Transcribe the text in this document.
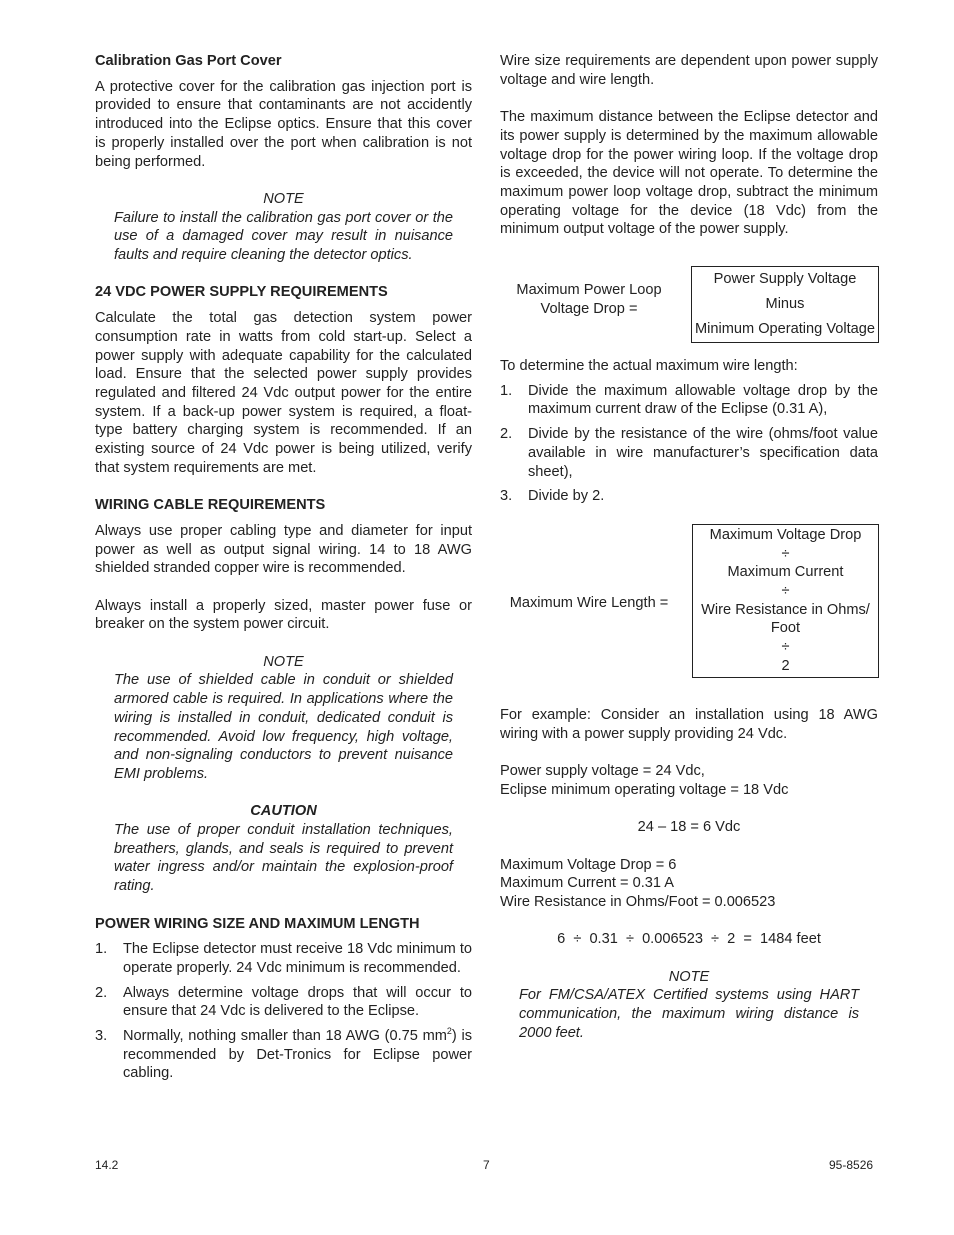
Calibration Gas Port Cover

A protective cover for the calibration gas injection port is provided to ensure that contaminants are not accidently introduced into the Eclipse optics. Ensure that this cover is properly installed over the port when calibration is not being performed.

NOTE
Failure to install the calibration gas port cover or the use of a damaged cover may result in nuisance faults and require cleaning the detector optics.
24 VDC POWER SUPPLY REQUIREMENTS

Calculate the total gas detection system power consumption rate in watts from cold start-up. Select a power supply with adequate capability for the calculated load. Ensure that the selected power supply provides regulated and filtered 24 Vdc output power for the entire system. If a back-up power system is required, a float-type battery charging system is recommended. If an existing source of 24 Vdc power is being utilized, verify that system requirements are met.

WIRING CABLE REQUIREMENTS

Always use proper cabling type and diameter for input power as well as output signal wiring. 14 to 18 AWG shielded stranded copper wire is recommended.

Always install a properly sized, master power fuse or breaker on the system power circuit.

NOTE
The use of shielded cable in conduit or shielded armored cable is required. In applications where the wiring is installed in conduit, dedicated conduit is recommended. Avoid low frequency, high voltage, and non-signaling conductors to prevent nuisance EMI problems.
CAUTION
The use of proper conduit installation techniques, breathers, glands, and seals is required to prevent water ingress and/or maintain the explosion-proof rating.
POWER WIRING SIZE AND MAXIMUM LENGTH
1. The Eclipse detector must receive 18 Vdc minimum to operate properly. 24 Vdc minimum is recommended.
2. Always determine voltage drops that will occur to ensure that 24 Vdc is delivered to the Eclipse.
3. Normally, nothing smaller than 18 AWG (0.75 $mm^2$) is recommended by Det-Tronics for Eclipse power cabling.

Wire size requirements are dependent upon power supply voltage and wire length.

The maximum distance between the Eclipse detector and its power supply is determined by the maximum allowable voltage drop for the power wiring loop. If the voltage drop is exceeded, the device will not operate. To determine the maximum power loop voltage drop, subtract the minimum operating voltage for the device (18 Vdc) from the minimum output voltage of the power supply.

Maximum Power Loop
Voltage Drop =
Power Supply Voltage
Minus
Minimum Operating Voltage

To determine the actual maximum wire length:

1. Divide the maximum allowable voltage drop by the maximum current draw of the Eclipse (0.31 A),
2. Divide by the resistance of the wire (ohms/foot value available in wire manufacturer’s specification data sheet),
3. Divide by 2.
Maximum Wire Length =
Maximum Voltage Drop
÷
Maximum Current
÷
Wire Resistance in Ohms/
Foot
÷
2

For example: Consider an installation using 18 AWG wiring with a power supply providing 24 Vdc.

Power supply voltage = 24 Vdc,

Eclipse minimum operating voltage = 18 Vdc

24 – 18 = 6 Vdc

Maximum Voltage Drop = 6

Maximum Current = 0.31 A

Wire Resistance in Ohms/Foot = 0.006523

6  ÷  0.31  ÷  0.006523  ÷  2  =  1484 feet

NOTE
For FM/CSA/ATEX Certified systems using HART communication, the maximum wiring distance is 2000 feet.
14.2	7	95-8526
